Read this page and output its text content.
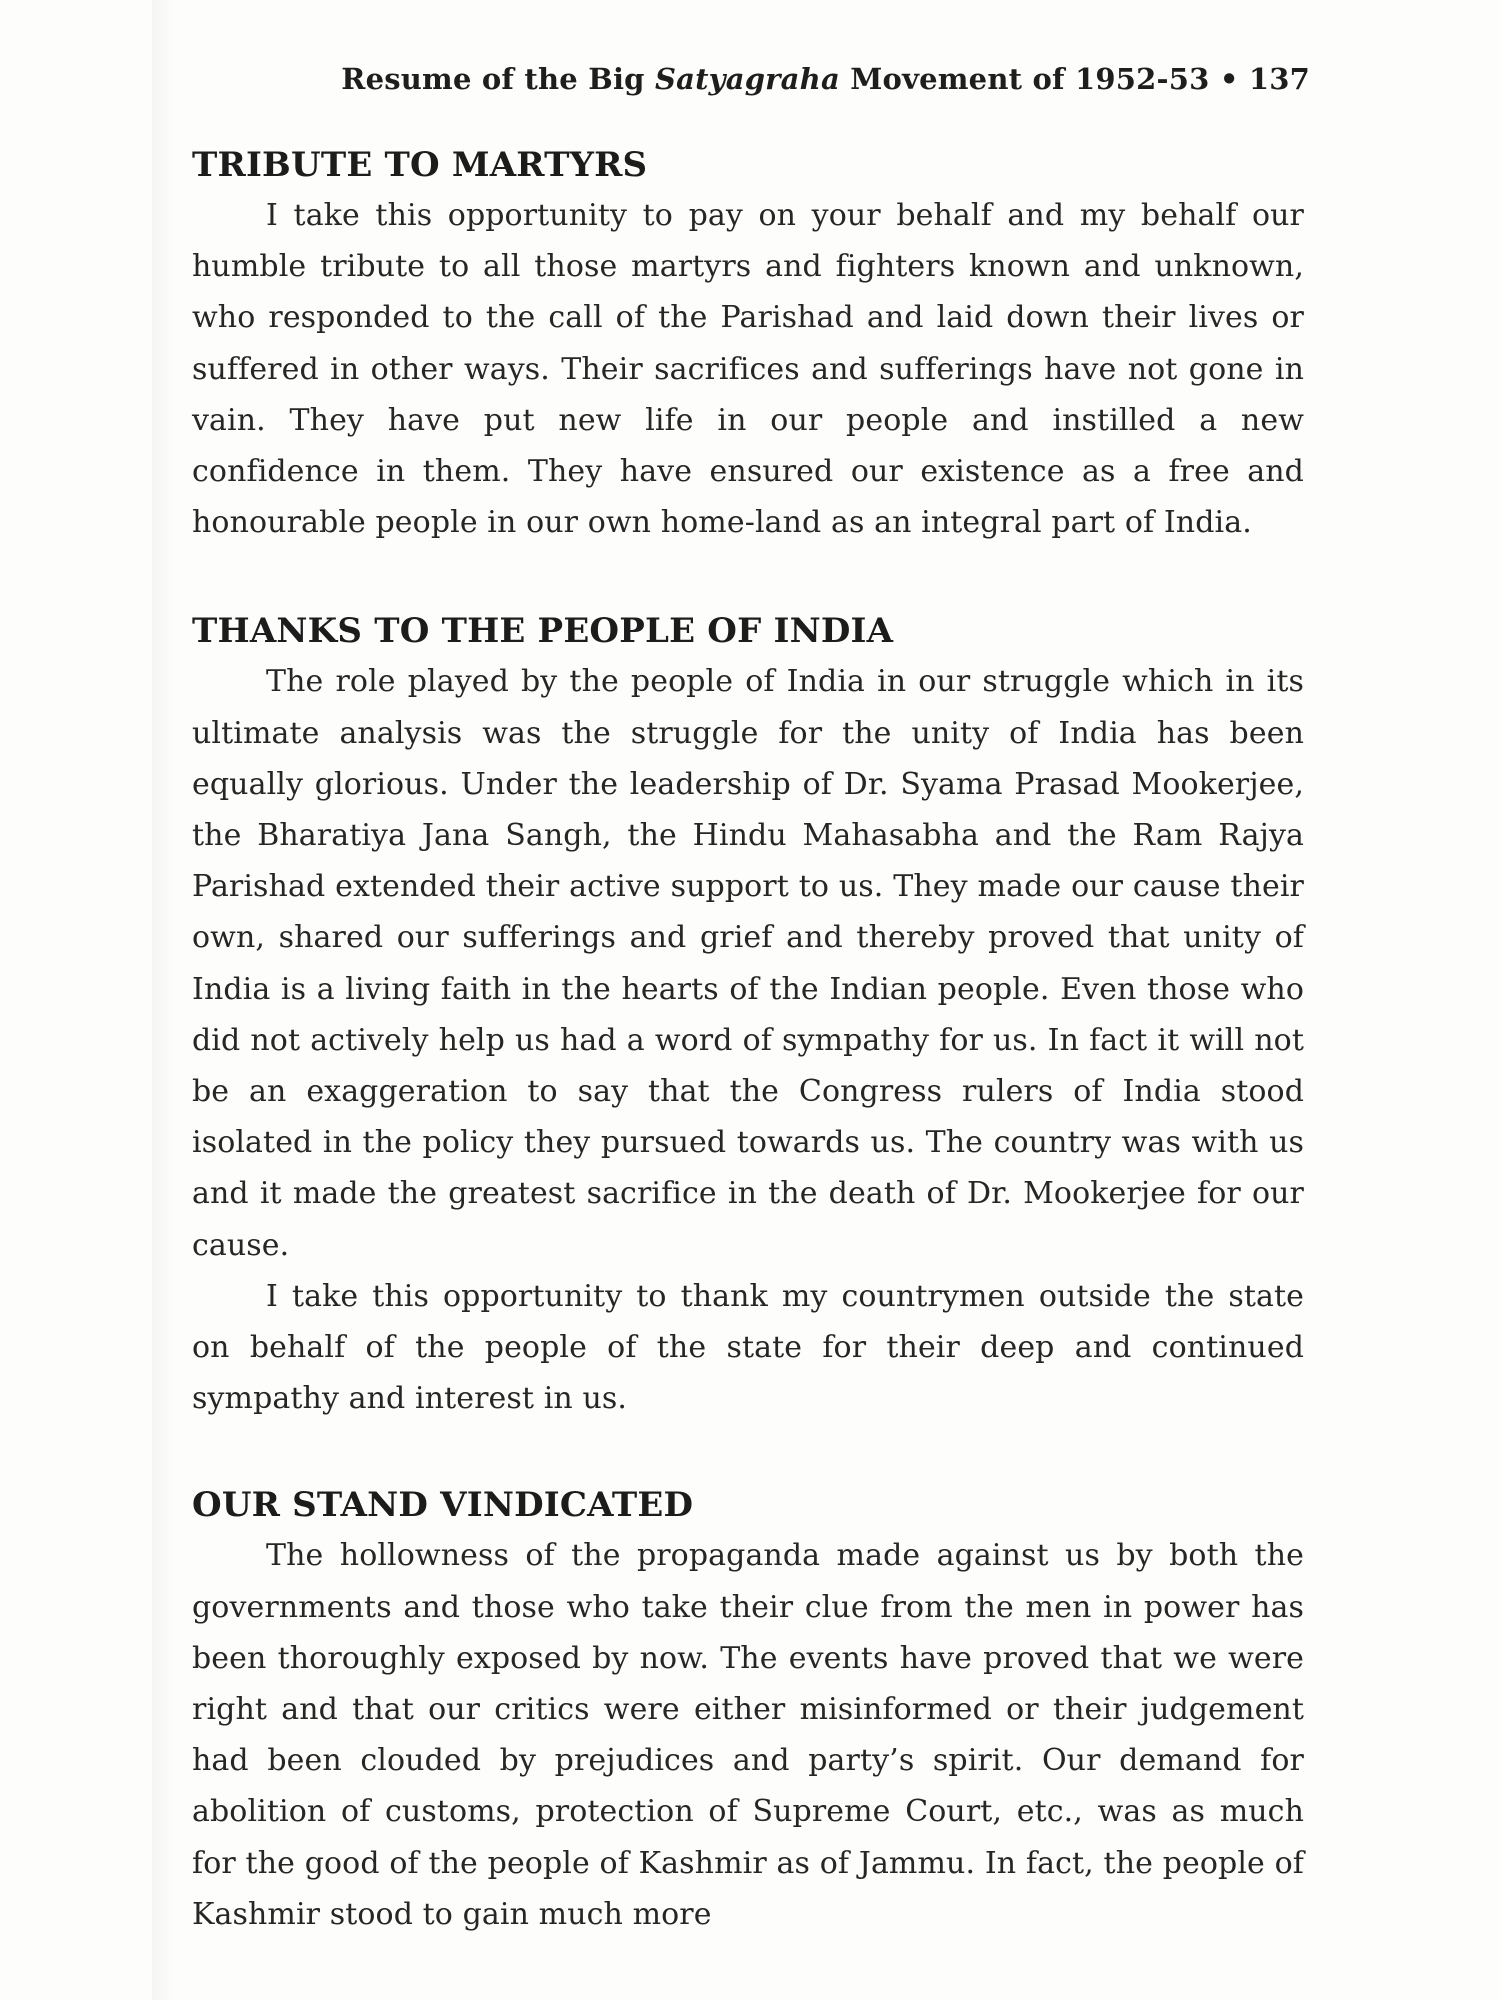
Resume of the Big Satyagraha Movement of 1952-53 • 137
TRIBUTE TO MARTYRS

I take this opportunity to pay on your behalf and my behalf our humble tribute to all those martyrs and fighters known and unknown, who responded to the call of the Parishad and laid down their lives or suffered in other ways. Their sacrifices and sufferings have not gone in vain. They have put new life in our people and instilled a new confidence in them. They have ensured our existence as a free and honourable people in our own home-land as an integral part of India.

THANKS TO THE PEOPLE OF INDIA

The role played by the people of India in our struggle which in its ultimate analysis was the struggle for the unity of India has been equally glorious. Under the leadership of Dr. Syama Prasad Mookerjee, the Bharatiya Jana Sangh, the Hindu Mahasabha and the Ram Rajya Parishad extended their active support to us. They made our cause their own, shared our sufferings and grief and thereby proved that unity of India is a living faith in the hearts of the Indian people. Even those who did not actively help us had a word of sympathy for us. In fact it will not be an exaggeration to say that the Congress rulers of India stood isolated in the policy they pursued towards us. The country was with us and it made the greatest sacrifice in the death of Dr. Mookerjee for our cause.

I take this opportunity to thank my countrymen outside the state on behalf of the people of the state for their deep and continued sympathy and interest in us.

OUR STAND VINDICATED

The hollowness of the propaganda made against us by both the governments and those who take their clue from the men in power has been thoroughly exposed by now. The events have proved that we were right and that our critics were either misinformed or their judgement had been clouded by prejudices and party’s spirit. Our demand for abolition of customs, protection of Supreme Court, etc., was as much for the good of the people of Kashmir as of Jammu. In fact, the people of Kashmir stood to gain much more
